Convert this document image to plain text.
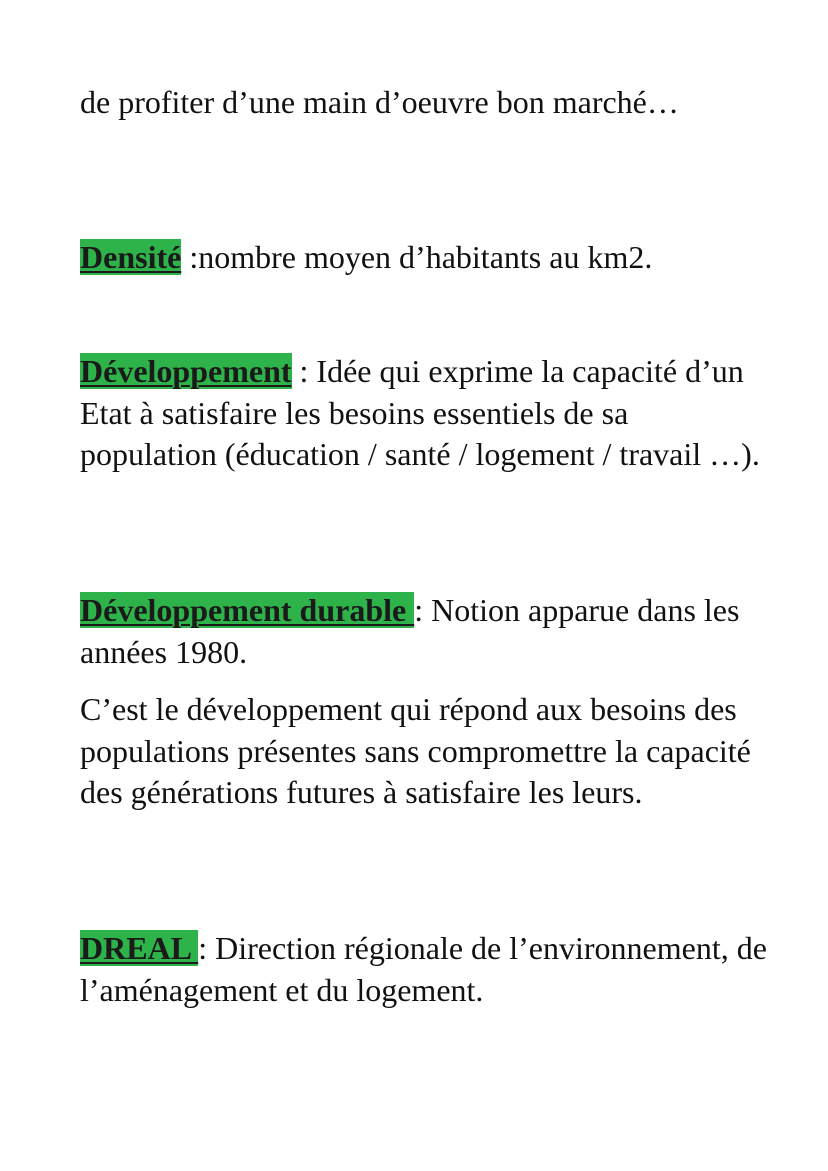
de profiter d’une main d’oeuvre bon marché…

Densité :nombre moyen d’habitants au km2.

Développement : Idée qui exprime la capacité d’un Etat à satisfaire les besoins essentiels de sa population (éducation / santé / logement / travail …).

Développement durable : Notion apparue dans les années 1980.

C’est le développement qui répond aux besoins des populations présentes sans compromettre la capacité des générations futures à satisfaire les leurs.

DREAL : Direction régionale de l’environnement, de l’aménagement et du logement.
